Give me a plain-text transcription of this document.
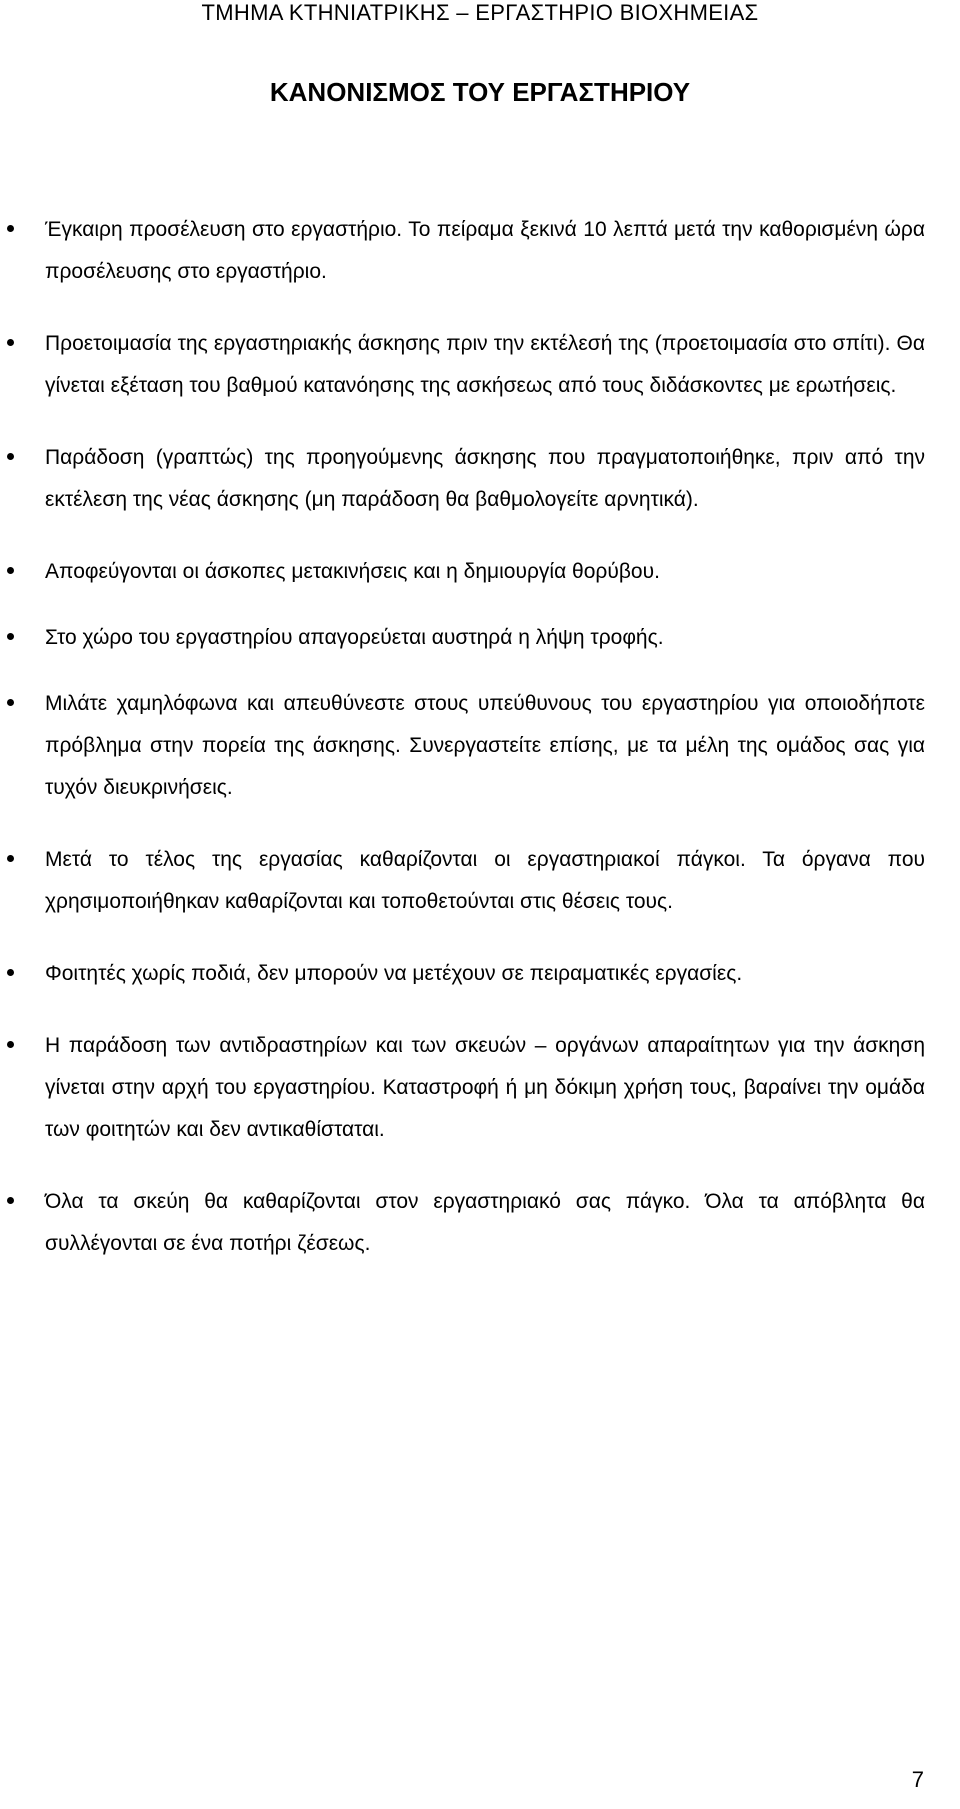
ΤΜΗΜΑ ΚΤΗΝΙΑΤΡΙΚΗΣ – ΕΡΓΑΣΤΗΡΙΟ ΒΙΟΧΗΜΕΙΑΣ
ΚΑΝΟΝΙΣΜΟΣ ΤΟΥ ΕΡΓΑΣΤΗΡΙΟΥ
Έγκαιρη προσέλευση στο εργαστήριο. Το πείραμα ξεκινά 10 λεπτά μετά την καθορισμένη ώρα προσέλευσης στο εργαστήριο.
Προετοιμασία της εργαστηριακής άσκησης πριν την εκτέλεσή της (προετοιμασία στο σπίτι). Θα γίνεται εξέταση του βαθμού κατανόησης της ασκήσεως από τους διδάσκοντες με ερωτήσεις.
Παράδοση (γραπτώς) της προηγούμενης άσκησης που πραγματοποιήθηκε, πριν από την εκτέλεση της νέας άσκησης (μη παράδοση θα βαθμολογείτε αρνητικά).
Αποφεύγονται οι άσκοπες μετακινήσεις και η δημιουργία θορύβου.
Στο χώρο του εργαστηρίου απαγορεύεται αυστηρά η λήψη τροφής.
Μιλάτε χαμηλόφωνα και απευθύνεστε στους υπεύθυνους του εργαστηρίου για οποιοδήποτε πρόβλημα στην πορεία της άσκησης. Συνεργαστείτε επίσης, με τα μέλη της ομάδος σας για τυχόν διευκρινήσεις.
Μετά το τέλος της εργασίας καθαρίζονται οι εργαστηριακοί πάγκοι. Τα όργανα που χρησιμοποιήθηκαν καθαρίζονται και τοποθετούνται στις θέσεις τους.
Φοιτητές χωρίς ποδιά, δεν μπορούν να μετέχουν σε πειραματικές εργασίες.
Η παράδοση των αντιδραστηρίων και των σκευών – οργάνων απαραίτητων για την άσκηση γίνεται στην αρχή του εργαστηρίου. Καταστροφή ή μη δόκιμη χρήση τους, βαραίνει την ομάδα των φοιτητών και δεν αντικαθίσταται.
Όλα τα σκεύη θα καθαρίζονται στον εργαστηριακό σας πάγκο. Όλα τα απόβλητα θα συλλέγονται σε ένα ποτήρι ζέσεως.
7
